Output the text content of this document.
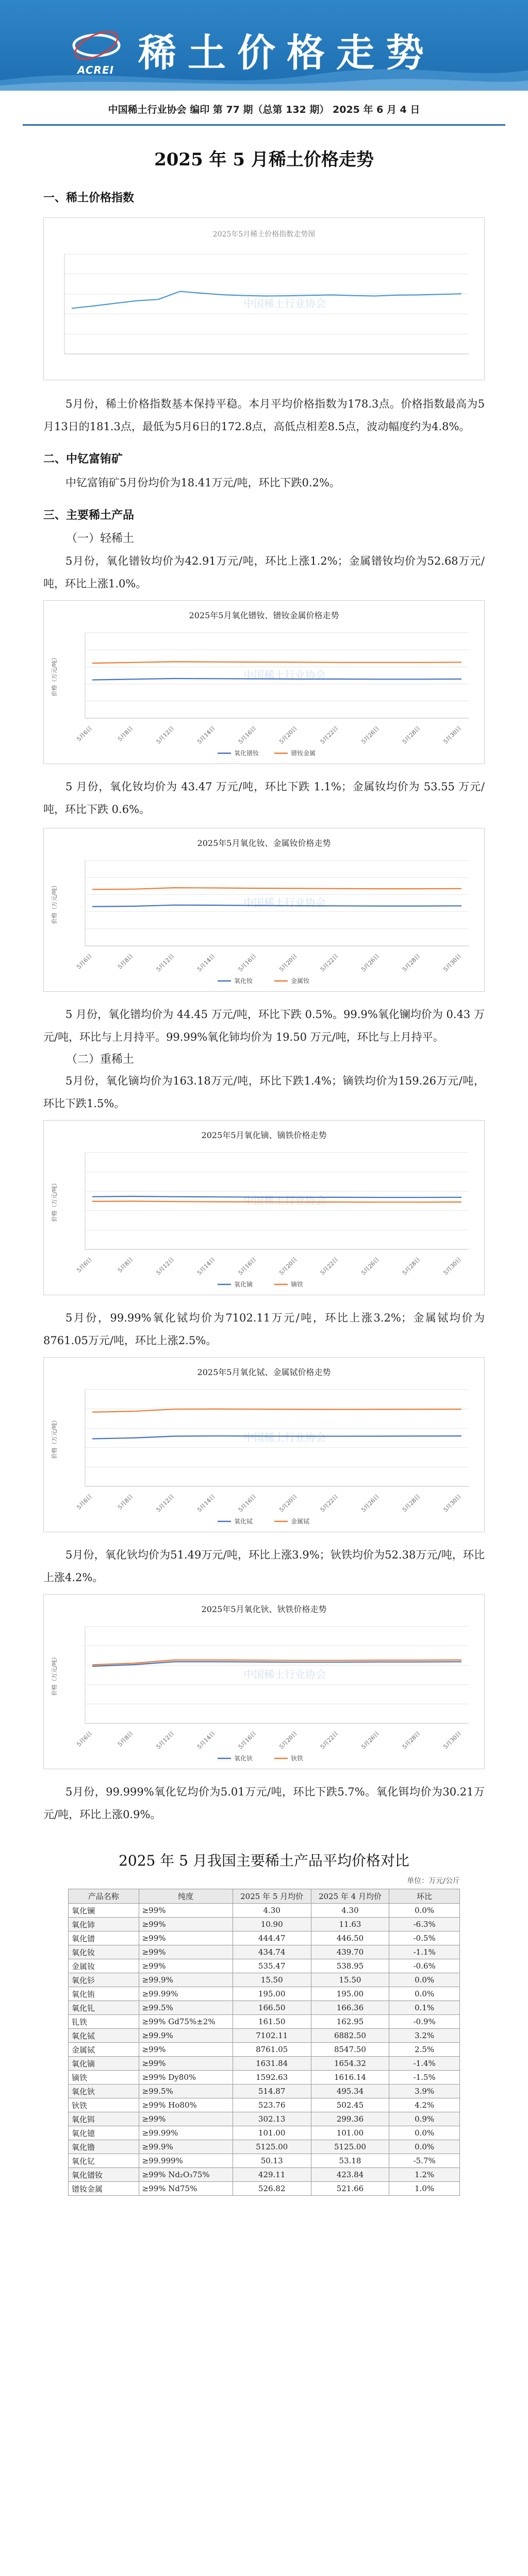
ACREI 稀土价格走势
中国稀土行业协会 编印 第 77 期（总第 132 期） 2025 年 6 月 4 日
2025 年 5 月稀土价格走势
一、稀土价格指数
2025年5月稀土价格指数走势图
中国稀土行业协会

5月份，稀土价格指数基本保持平稳。本月平均价格指数为178.3点。价格指数最高为5月13日的181.3点，最低为5月6日的172.8点，高低点相差8.5点，波动幅度约为4.8%。

二、中钇富铕矿

中钇富铕矿5月份均价为18.41万元/吨，环比下跌0.2%。

三、主要稀土产品
（一）轻稀土

5月份，氧化镨钕均价为42.91万元/吨，环比上涨1.2%；金属镨钕均价为52.68万元/吨，环比上涨1.0%。

2025年5月氧化镨钕、镨钕金属价格走势
中国稀土行业协会
价格（万元/吨）
5月6日	5月8日	5月12日	5月14日	5月16日	5月20日	5月22日	5月26日	5月28日	5月30日
氧化镨钕	镨钕金属

5 月份，氧化钕均价为 43.47 万元/吨，环比下跌 1.1%；金属钕均价为 53.55 万元/吨，环比下跌 0.6%。

2025年5月氧化钕、金属钕价格走势
中国稀土行业协会
价格（万元/吨）
5月6日	5月8日	5月12日	5月14日	5月16日	5月20日	5月22日	5月26日	5月28日	5月30日
氧化钕	金属钕

5 月份，氧化镨均价为 44.45 万元/吨，环比下跌 0.5%。99.9%氧化镧均价为 0.43 万元/吨，环比与上月持平。99.99%氧化铈均价为 19.50 万元/吨，环比与上月持平。

（二）重稀土

5月份，氧化镝均价为163.18万元/吨，环比下跌1.4%；镝铁均价为159.26万元/吨，环比下跌1.5%。

2025年5月氧化镝、镝铁价格走势
中国稀土行业协会
价格（万元/吨）
5月6日	5月8日	5月12日	5月14日	5月16日	5月20日	5月22日	5月26日	5月28日	5月30日
氧化镝	镝铁

5月份，99.99%氧化铽均价为7102.11万元/吨，环比上涨3.2%；金属铽均价为8761.05万元/吨，环比上涨2.5%。

2025年5月氧化铽、金属铽价格走势
中国稀土行业协会
价格（万元/吨）
5月6日	5月8日	5月12日	5月14日	5月16日	5月20日	5月22日	5月26日	5月28日	5月30日
氧化铽	金属铽

5月份，氧化钬均价为51.49万元/吨，环比上涨3.9%；钬铁均价为52.38万元/吨，环比上涨4.2%。

2025年5月氧化钬、钬铁价格走势
中国稀土行业协会
价格（万元/吨）
5月6日	5月8日	5月12日	5月14日	5月16日	5月20日	5月22日	5月26日	5月28日	5月30日
氧化钬	钬铁

5月份，99.999%氧化钇均价为5.01万元/吨，环比下跌5.7%。氧化铒均价为30.21万元/吨，环比上涨0.9%。

2025 年 5 月我国主要稀土产品平均价格对比
单位：万元/公斤
产品名称	纯度	2025 年 5 月均价	2025 年 4 月均价	环比
氧化镧	≥99%	4.30	4.30	0.0%
氧化铈	≥99%	10.90	11.63	-6.3%
氧化镨	≥99%	444.47	446.50	-0.5%
氧化钕	≥99%	434.74	439.70	-1.1%
金属钕	≥99%	535.47	538.95	-0.6%
氧化钐	≥99.9%	15.50	15.50	0.0%
氧化铕	≥99.99%	195.00	195.00	0.0%
氧化钆	≥99.5%	166.50	166.36	0.1%
钆铁	≥99% Gd75%±2%	161.50	162.95	-0.9%
氧化铽	≥99.9%	7102.11	6882.50	3.2%
金属铽	≥99%	8761.05	8547.50	2.5%
氧化镝	≥99%	1631.84	1654.32	-1.4%
镝铁	≥99% Dy80%	1592.63	1616.14	-1.5%
氧化钬	≥99.5%	514.87	495.34	3.9%
钬铁	≥99% Ho80%	523.76	502.45	4.2%
氧化铒	≥99%	302.13	299.36	0.9%
氧化镱	≥99.99%	101.00	101.00	0.0%
氧化镥	≥99.9%	5125.00	5125.00	0.0%
氧化钇	≥99.999%	50.13	53.18	-5.7%
氧化镨钕	≥99% Nd₂O₃75%	429.11	423.84	1.2%
镨钕金属	≥99% Nd75%	526.82	521.66	1.0%
